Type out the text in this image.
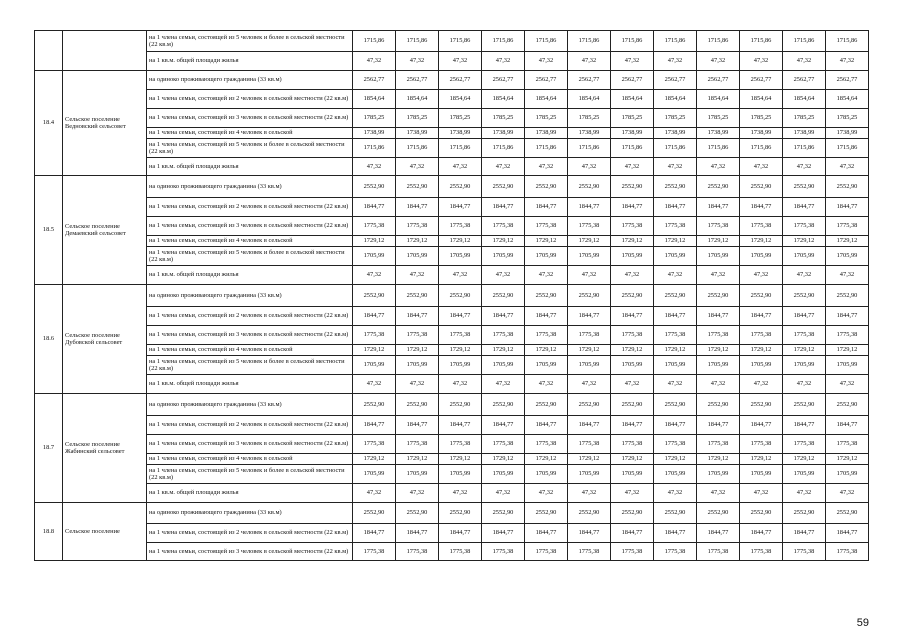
		на 1 члена семьи, состоящей из 5 человек и более в сельской местности (22 кв.м)	1715,86	1715,86	1715,86	1715,86	1715,86	1715,86	1715,86	1715,86	1715,86	1715,86	1715,86	1715,86
		на 1 кв.м. общей площади жилья	47,32	47,32	47,32	47,32	47,32	47,32	47,32	47,32	47,32	47,32	47,32	47,32
18.4	Сельское поселение Ведновский сельсовет	на одиноко проживающего гражданина (33 кв.м)	2562,77	2562,77	2562,77	2562,77	2562,77	2562,77	2562,77	2562,77	2562,77	2562,77	2562,77	2562,77
		на 1 члена семьи, состоящей из 2 человек в сельской местности (22 кв.м)	1854,64	1854,64	1854,64	1854,64	1854,64	1854,64	1854,64	1854,64	1854,64	1854,64	1854,64	1854,64
		на 1 члена семьи, состоящей из 3 человек в сельской местности (22 кв.м)	1785,25	1785,25	1785,25	1785,25	1785,25	1785,25	1785,25	1785,25	1785,25	1785,25	1785,25	1785,25
		на 1 члена семьи, состоящей из 4 человек в сельской	1738,99	1738,99	1738,99	1738,99	1738,99	1738,99	1738,99	1738,99	1738,99	1738,99	1738,99	1738,99
		на 1 члена семьи, состоящей из 5 человек и более в сельской местности (22 кв.м)	1715,86	1715,86	1715,86	1715,86	1715,86	1715,86	1715,86	1715,86	1715,86	1715,86	1715,86	1715,86
		на 1 кв.м. общей площади жилья	47,32	47,32	47,32	47,32	47,32	47,32	47,32	47,32	47,32	47,32	47,32	47,32
18.5	Сельское поселение Демаевский сельсовет	на одиноко проживающего гражданина (33 кв.м)	2552,90	2552,90	2552,90	2552,90	2552,90	2552,90	2552,90	2552,90	2552,90	2552,90	2552,90	2552,90
		на 1 члена семьи, состоящей из 2 человек в сельской местности (22 кв.м)	1844,77	1844,77	1844,77	1844,77	1844,77	1844,77	1844,77	1844,77	1844,77	1844,77	1844,77	1844,77
		на 1 члена семьи, состоящей из 3 человек в сельской местности (22 кв.м)	1775,38	1775,38	1775,38	1775,38	1775,38	1775,38	1775,38	1775,38	1775,38	1775,38	1775,38	1775,38
		на 1 члена семьи, состоящей из 4 человек в сельской	1729,12	1729,12	1729,12	1729,12	1729,12	1729,12	1729,12	1729,12	1729,12	1729,12	1729,12	1729,12
		на 1 члена семьи, состоящей из 5 человек и более в сельской местности (22 кв.м)	1705,99	1705,99	1705,99	1705,99	1705,99	1705,99	1705,99	1705,99	1705,99	1705,99	1705,99	1705,99
		на 1 кв.м. общей площади жилья	47,32	47,32	47,32	47,32	47,32	47,32	47,32	47,32	47,32	47,32	47,32	47,32
18.6	Сельское поселение Дубовской сельсовет	на одиноко проживающего гражданина (33 кв.м)	2552,90	2552,90	2552,90	2552,90	2552,90	2552,90	2552,90	2552,90	2552,90	2552,90	2552,90	2552,90
		на 1 члена семьи, состоящей из 2 человек в сельской местности (22 кв.м)	1844,77	1844,77	1844,77	1844,77	1844,77	1844,77	1844,77	1844,77	1844,77	1844,77	1844,77	1844,77
		на 1 члена семьи, состоящей из 3 человек в сельской местности (22 кв.м)	1775,38	1775,38	1775,38	1775,38	1775,38	1775,38	1775,38	1775,38	1775,38	1775,38	1775,38	1775,38
		на 1 члена семьи, состоящей из 4 человек в сельской	1729,12	1729,12	1729,12	1729,12	1729,12	1729,12	1729,12	1729,12	1729,12	1729,12	1729,12	1729,12
		на 1 члена семьи, состоящей из 5 человек и более в сельской местности (22 кв.м)	1705,99	1705,99	1705,99	1705,99	1705,99	1705,99	1705,99	1705,99	1705,99	1705,99	1705,99	1705,99
		на 1 кв.м. общей площади жилья	47,32	47,32	47,32	47,32	47,32	47,32	47,32	47,32	47,32	47,32	47,32	47,32
18.7	Сельское поселение Жабинский сельсовет	на одиноко проживающего гражданина (33 кв.м)	2552,90	2552,90	2552,90	2552,90	2552,90	2552,90	2552,90	2552,90	2552,90	2552,90	2552,90	2552,90
		на 1 члена семьи, состоящей из 2 человек в сельской местности (22 кв.м)	1844,77	1844,77	1844,77	1844,77	1844,77	1844,77	1844,77	1844,77	1844,77	1844,77	1844,77	1844,77
		на 1 члена семьи, состоящей из 3 человек в сельской местности (22 кв.м)	1775,38	1775,38	1775,38	1775,38	1775,38	1775,38	1775,38	1775,38	1775,38	1775,38	1775,38	1775,38
		на 1 члена семьи, состоящей из 4 человек в сельской	1729,12	1729,12	1729,12	1729,12	1729,12	1729,12	1729,12	1729,12	1729,12	1729,12	1729,12	1729,12
		на 1 члена семьи, состоящей из 5 человек и более в сельской местности (22 кв.м)	1705,99	1705,99	1705,99	1705,99	1705,99	1705,99	1705,99	1705,99	1705,99	1705,99	1705,99	1705,99
		на 1 кв.м. общей площади жилья	47,32	47,32	47,32	47,32	47,32	47,32	47,32	47,32	47,32	47,32	47,32	47,32
18.8	Сельское поселение	на одиноко проживающего гражданина (33 кв.м)	2552,90	2552,90	2552,90	2552,90	2552,90	2552,90	2552,90	2552,90	2552,90	2552,90	2552,90	2552,90
		на 1 члена семьи, состоящей из 2 человек в сельской местности (22 кв.м)	1844,77	1844,77	1844,77	1844,77	1844,77	1844,77	1844,77	1844,77	1844,77	1844,77	1844,77	1844,77
		на 1 члена семьи, состоящей из 3 человек в сельской местности (22 кв.м)	1775,38	1775,38	1775,38	1775,38	1775,38	1775,38	1775,38	1775,38	1775,38	1775,38	1775,38	1775,38
59
